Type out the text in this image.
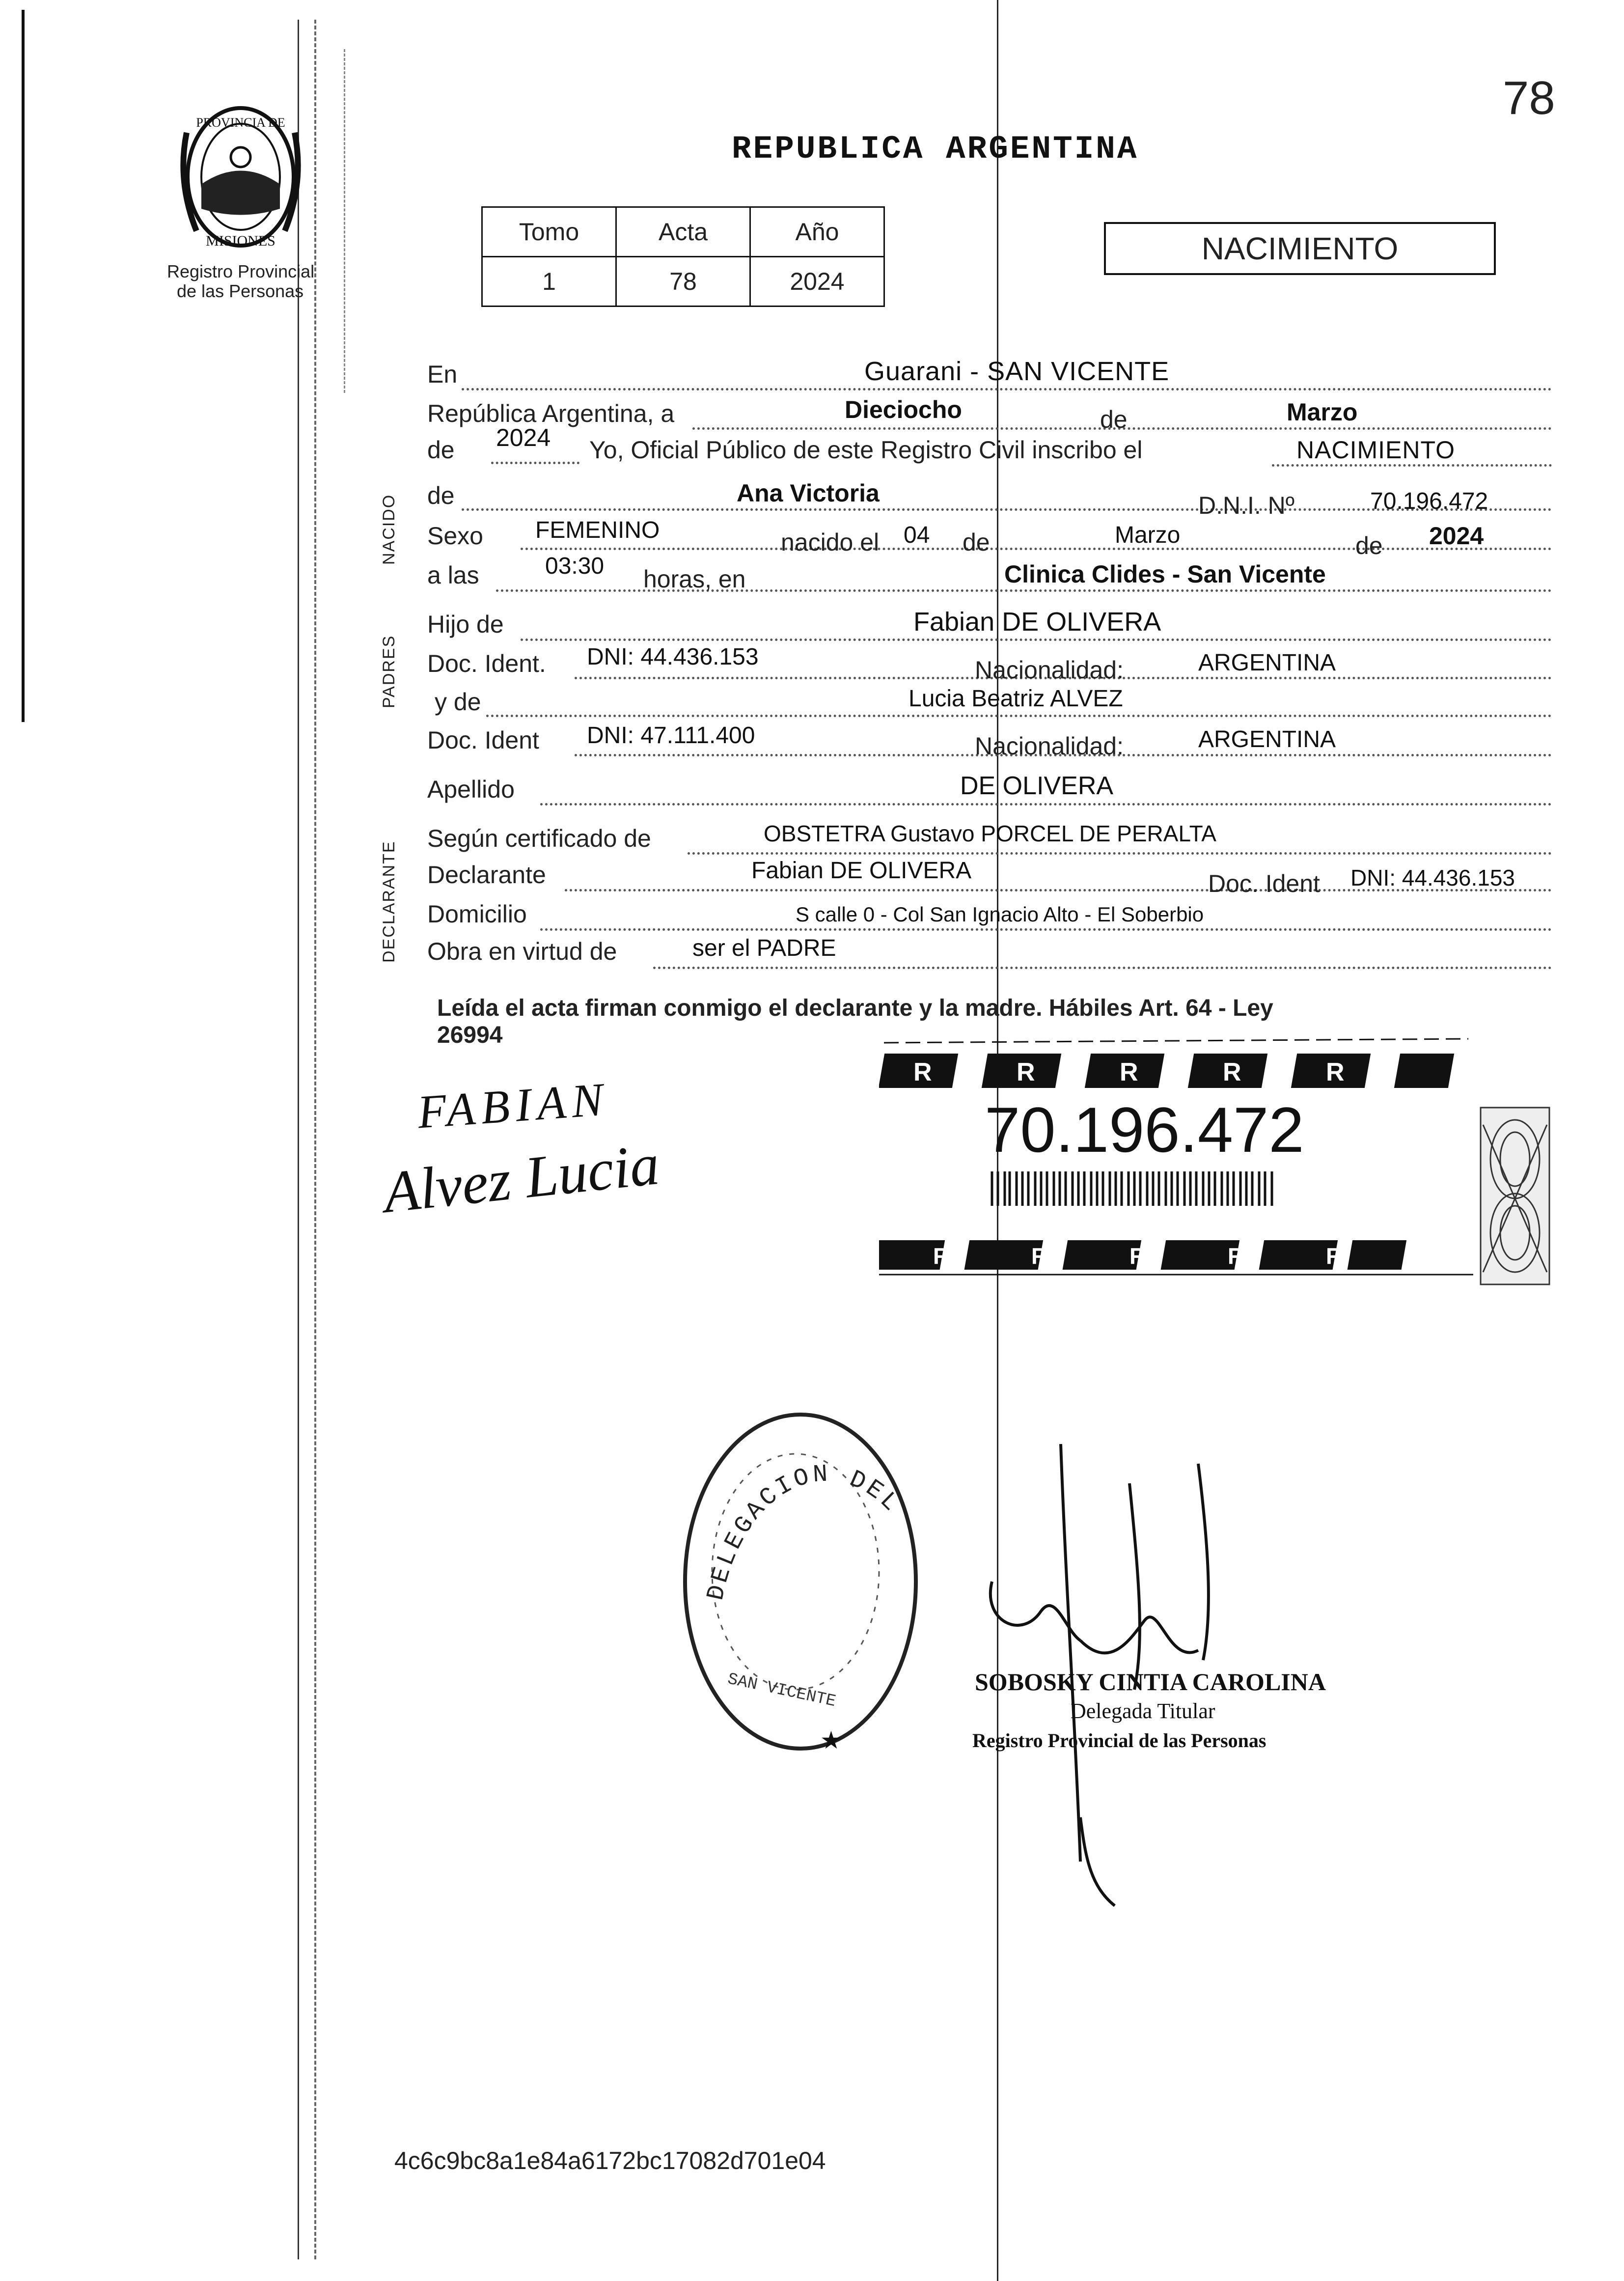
78
PROVINCIA DE
MISIONES
Registro Provincial
de las Personas
REPUBLICA ARGENTINA
Tomo	Acta	Año
1	78	2024
NACIMIENTO
NACIDO
PADRES
DECLARANTE
En	Guarani - SAN VICENTE
República Argentina, a	Dieciocho	de	Marzo
de 2024 Yo, Oficial Público de este Registro Civil inscribo el	NACIMIENTO
de	Ana Victoria	D.N.I. Nº	70.196.472
Sexo FEMENINO	nacido el 04 de	Marzo	de 2024
a las	03:30 horas, en	Clinica Clides - San Vicente
Hijo de	Fabian DE OLIVERA
Doc. Ident. DNI: 44.436.153	Nacionalidad:	ARGENTINA
y de	Lucia Beatriz ALVEZ
Doc. Ident DNI: 47.111.400	Nacionalidad:	ARGENTINA
Apellido	DE OLIVERA
Según certificado de	OBSTETRA Gustavo PORCEL DE PERALTA
Declarante	Fabian DE OLIVERA	Doc. Ident DNI: 44.436.153
Domicilio	S calle 0 - Col San Ignacio Alto - El Soberbio
Obra en virtud de	ser el PADRE
Leída el acta firman conmigo el declarante y la madre. Hábiles Art. 64 - Ley
26994
FABIAN
Alvez Lucia
R	R	R	R	R
70.196.472
R	R	R	R	R
DELEGACION DEL
SAN VICENTE
★
SOBOSKY CINTIA CAROLINA
Delegada Titular
Registro Provincial de las Personas
4c6c9bc8a1e84a6172bc17082d701e04
